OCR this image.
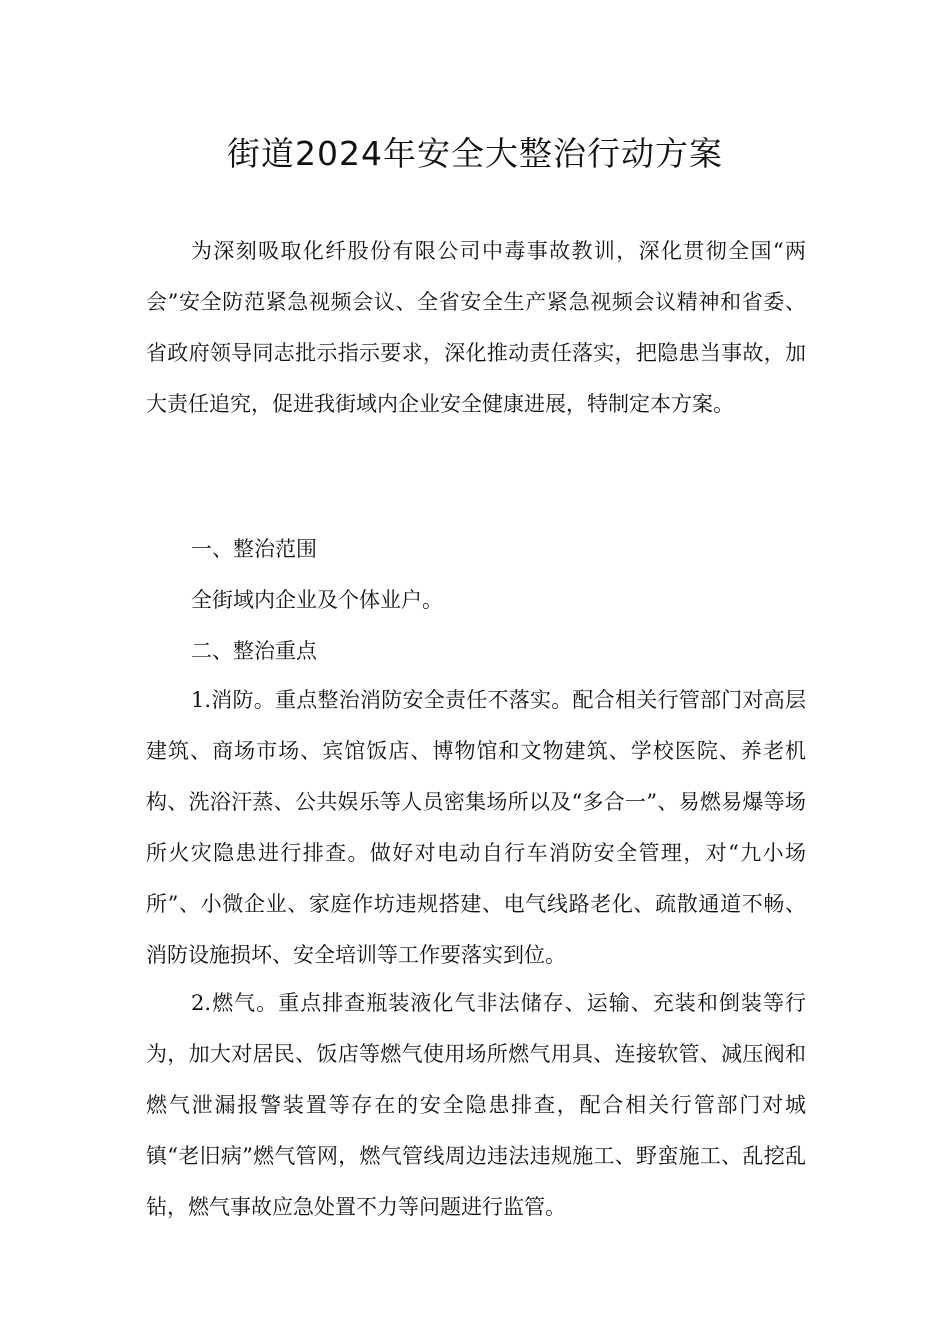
街道2024年安全大整治行动方案

为深刻吸取化纤股份有限公司中毒事故教训，深化贯彻全国“两会”安全防范紧急视频会议、全省安全生产紧急视频会议精神和省委、省政府领导同志批示指示要求，深化推动责任落实，把隐患当事故，加大责任追究，促进我街域内企业安全健康进展，特制定本方案。

一、整治范围

全街域内企业及个体业户。

二、整治重点

1.消防。重点整治消防安全责任不落实。配合相关行管部门对高层建筑、商场市场、宾馆饭店、博物馆和文物建筑、学校医院、养老机构、洗浴汗蒸、公共娱乐等人员密集场所以及“多合一”、易燃易爆等场所火灾隐患进行排查。做好对电动自行车消防安全管理，对“九小场所”、小微企业、家庭作坊违规搭建、电气线路老化、疏散通道不畅、消防设施损坏、安全培训等工作要落实到位。

2.燃气。重点排查瓶装液化气非法储存、运输、充装和倒装等行为，加大对居民、饭店等燃气使用场所燃气用具、连接软管、减压阀和燃气泄漏报警装置等存在的安全隐患排查，配合相关行管部门对城镇“老旧病”燃气管网，燃气管线周边违法违规施工、野蛮施工、乱挖乱钻，燃气事故应急处置不力等问题进行监管。
